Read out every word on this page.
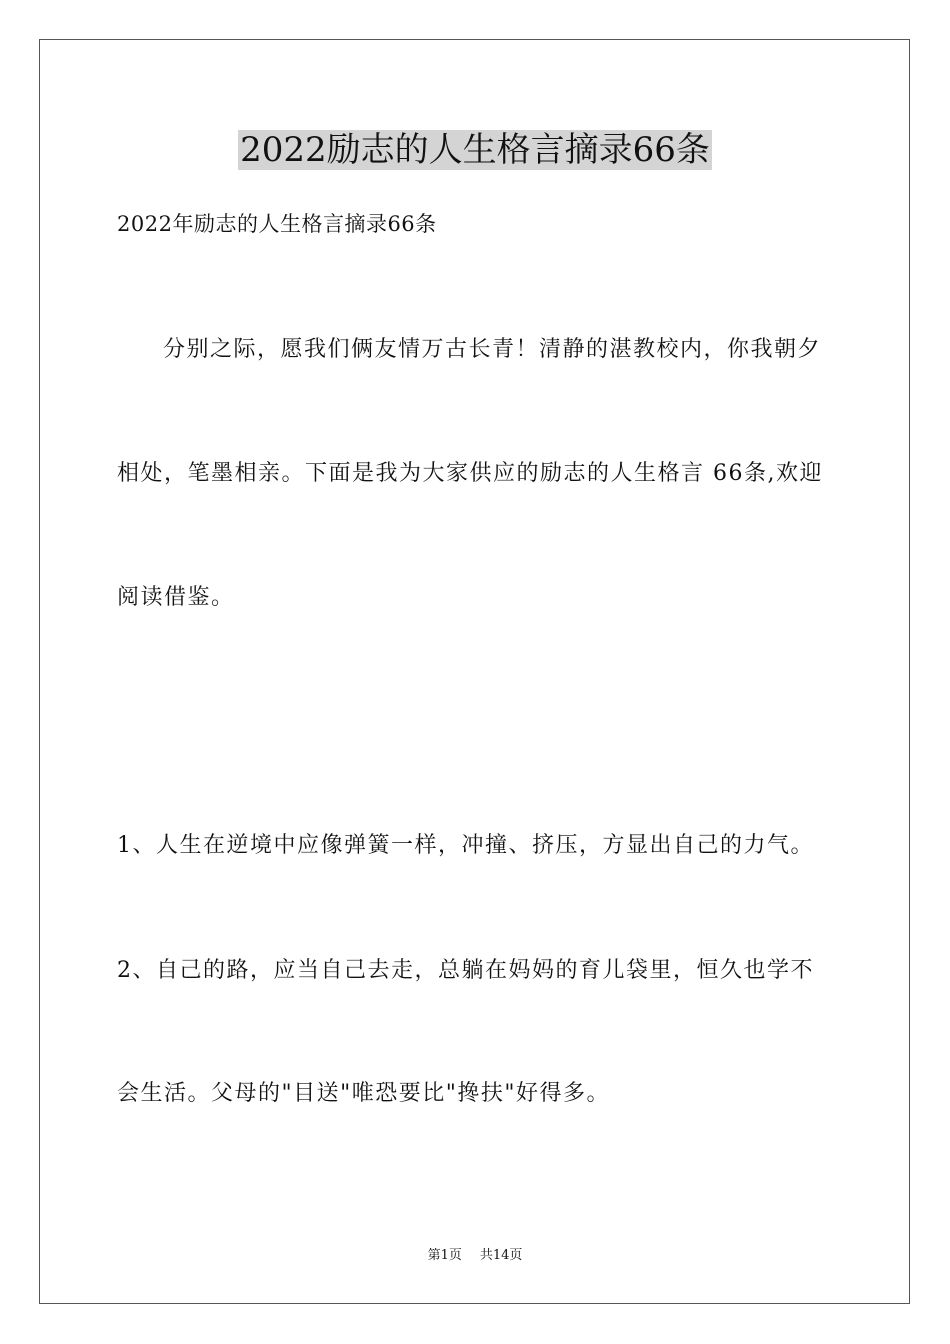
2022励志的人生格言摘录66条
2022年励志的人生格言摘录66条
分别之际，愿我们俩友情万古长青！清静的湛教校内，你我朝夕
相处，笔墨相亲。下面是我为大家供应的励志的人生格言 66条,欢迎
阅读借鉴。
1、人生在逆境中应像弹簧一样，冲撞、挤压，方显出自己的力气。
2、自己的路，应当自己去走，总躺在妈妈的育儿袋里，恒久也学不
会生活。父母的"目送"唯恐要比"搀扶"好得多。
第1页 共14页
